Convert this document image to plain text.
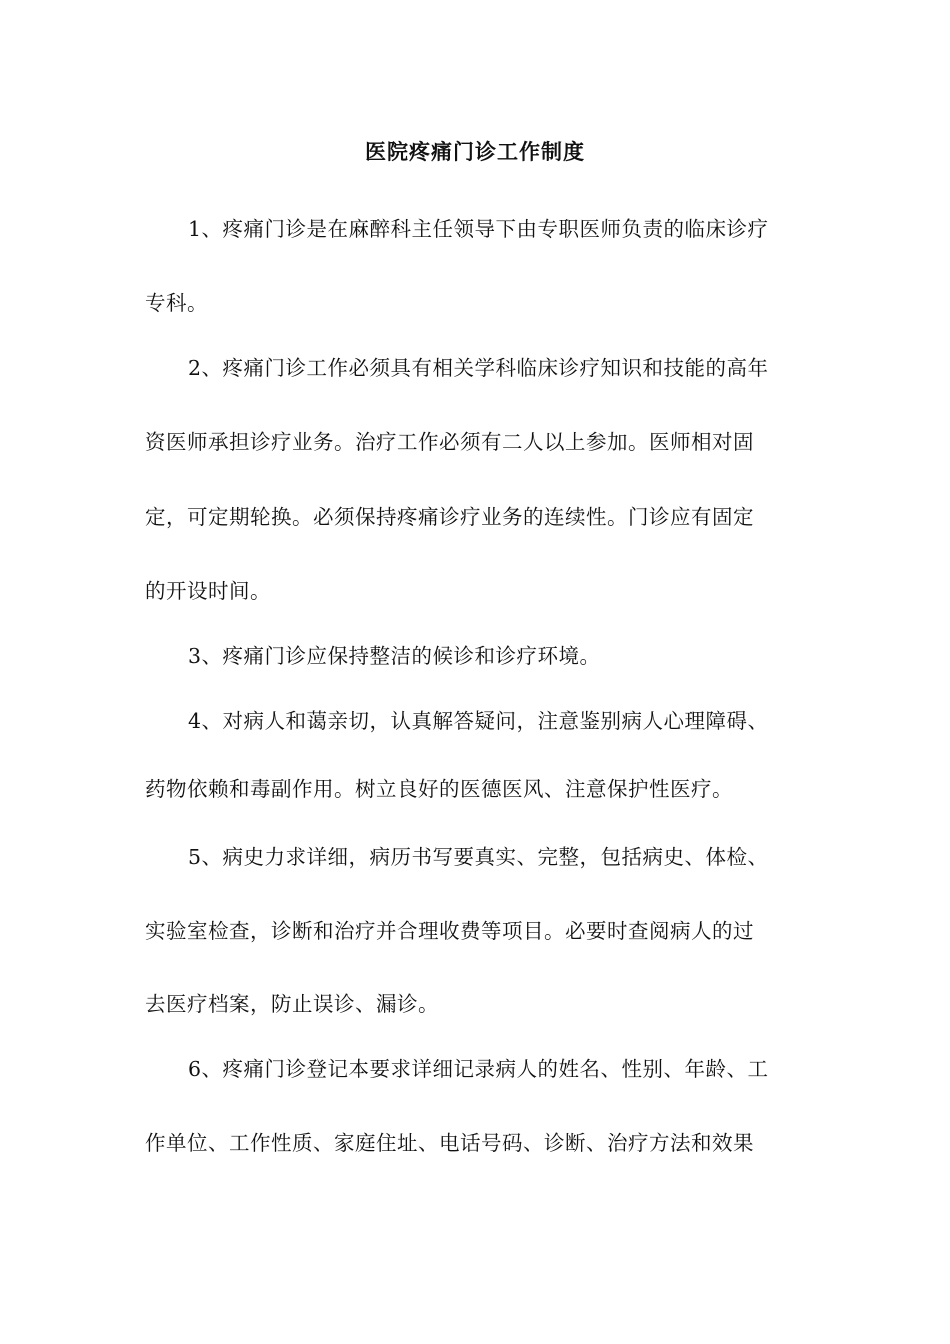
医院疼痛门诊工作制度
1、疼痛门诊是在麻醉科主任领导下由专职医师负责的临床诊疗
专科。
2、疼痛门诊工作必须具有相关学科临床诊疗知识和技能的高年
资医师承担诊疗业务。治疗工作必须有二人以上参加。医师相对固
定，可定期轮换。必须保持疼痛诊疗业务的连续性。门诊应有固定
的开设时间。
3、疼痛门诊应保持整洁的候诊和诊疗环境。
4、对病人和蔼亲切，认真解答疑问，注意鉴别病人心理障碍、
药物依赖和毒副作用。树立良好的医德医风、注意保护性医疗。
5、病史力求详细，病历书写要真实、完整，包括病史、体检、
实验室检查，诊断和治疗并合理收费等项目。必要时查阅病人的过
去医疗档案，防止误诊、漏诊。
6、疼痛门诊登记本要求详细记录病人的姓名、性别、年龄、工
作单位、工作性质、家庭住址、电话号码、诊断、治疗方法和效果
